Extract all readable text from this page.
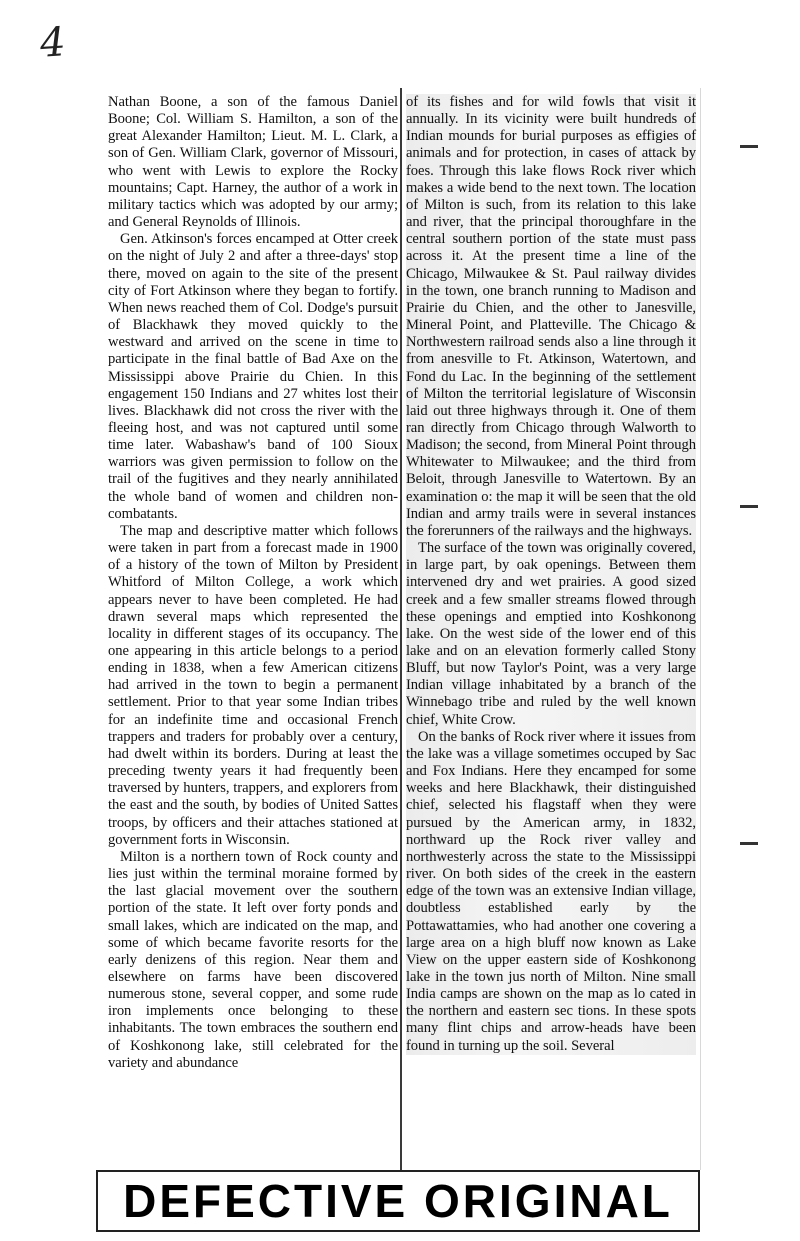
4

Nathan Boone, a son of the famous Daniel Boone; Col. William S. Hamilton, a son of the great Alexander Hamilton; Lieut. M. L. Clark, a son of Gen. William Clark, governor of Missouri, who went with Lewis to explore the Rocky mountains; Capt. Harney, the author of a work in military tactics which was adopted by our army; and General Reynolds of Illinois.

Gen. Atkinson's forces encamped at Otter creek on the night of July 2 and after a three-days' stop there, moved on again to the site of the present city of Fort Atkinson where they began to fortify. When news reached them of Col. Dodge's pursuit of Blackhawk they moved quickly to the westward and arrived on the scene in time to participate in the final battle of Bad Axe on the Mississippi above Prairie du Chien. In this engagement 150 Indians and 27 whites lost their lives. Blackhawk did not cross the river with the fleeing host, and was not captured until some time later. Wabashaw's band of 100 Sioux warriors was given permission to follow on the trail of the fugitives and they nearly annihilated the whole band of women and children non-combatants.

The map and descriptive matter which follows were taken in part from a forecast made in 1900 of a history of the town of Milton by President Whitford of Milton College, a work which appears never to have been completed. He had drawn several maps which represented the locality in different stages of its occupancy. The one appearing in this article belongs to a period ending in 1838, when a few American citizens had arrived in the town to begin a permanent settlement. Prior to that year some Indian tribes for an indefinite time and occasional French trappers and traders for probably over a century, had dwelt within its borders. During at least the preceding twenty years it had frequently been traversed by hunters, trappers, and explorers from the east and the south, by bodies of United Sattes troops, by officers and their attaches stationed at government forts in Wisconsin.

Milton is a northern town of Rock county and lies just within the terminal moraine formed by the last glacial movement over the southern portion of the state. It left over forty ponds and small lakes, which are indicated on the map, and some of which became favorite resorts for the early denizens of this region. Near them and elsewhere on farms have been discovered numerous stone, several copper, and some rude iron implements once belonging to these inhabitants. The town embraces the southern end of Koshkonong lake, still celebrated for the variety and abundance

of its fishes and for wild fowls that visit it annually. In its vicinity were built hundreds of Indian mounds for burial purposes as effigies of animals and for protection, in cases of attack by foes. Through this lake flows Rock river which makes a wide bend to the next town. The location of Milton is such, from its relation to this lake and river, that the principal thoroughfare in the central southern portion of the state must pass across it. At the present time a line of the Chicago, Milwaukee & St. Paul railway divides in the town, one branch running to Madison and Prairie du Chien, and the other to Janesville, Mineral Point, and Platteville. The Chicago & Northwestern railroad sends also a line through it from anesville to Ft. Atkinson, Watertown, and Fond du Lac. In the beginning of the settlement of Milton the territorial legislature of Wisconsin laid out three highways through it. One of them ran directly from Chicago through Walworth to Madison; the second, from Mineral Point through Whitewater to Milwaukee; and the third from Beloit, through Janesville to Watertown. By an examination o: the map it will be seen that the old Indian and army trails were in several instances the forerunners of the railways and the highways.

The surface of the town was originally covered, in large part, by oak openings. Between them intervened dry and wet prairies. A good sized creek and a few smaller streams flowed through these openings and emptied into Koshkonong lake. On the west side of the lower end of this lake and on an elevation formerly called Stony Bluff, but now Taylor's Point, was a very large Indian village inhabitated by a branch of the Winnebago tribe and ruled by the well known chief, White Crow.

On the banks of Rock river where it issues from the lake was a village sometimes occuped by Sac and Fox Indians. Here they encamped for some weeks and here Blackhawk, their distinguished chief, selected his flagstaff when they were pursued by the American army, in 1832, northward up the Rock river valley and northwesterly across the state to the Mississippi river. On both sides of the creek in the eastern edge of the town was an extensive Indian village, doubtless established early by the Pottawattamies, who had another one covering a large area on a high bluff now known as Lake View on the upper eastern side of Koshkonong lake in the town jus north of Milton. Nine small India camps are shown on the map as lo cated in the northern and eastern sec tions. In these spots many flint chips and arrow-heads have been found in turning up the soil. Several

DEFECTIVE ORIGINAL
